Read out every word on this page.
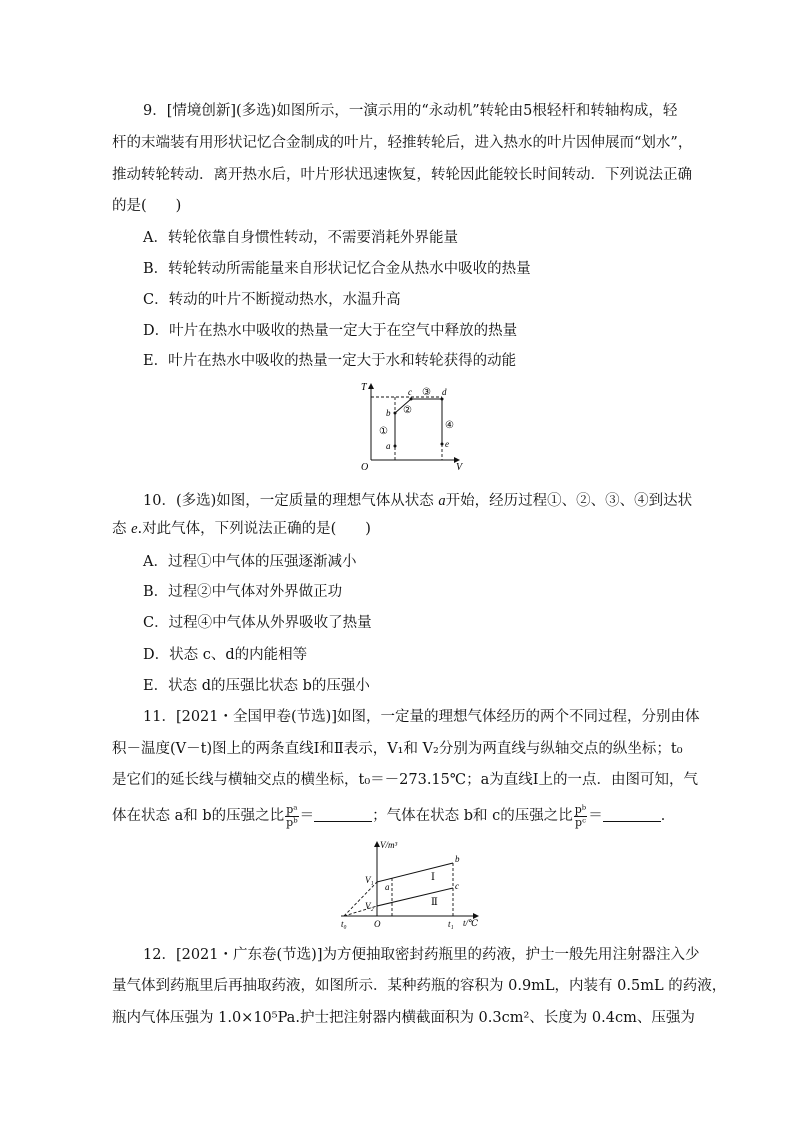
9．[情境创新](多选)如图所示，一演示用的“永动机”转轮由5根轻杆和转轴构成，轻
杆的末端装有用形状记忆合金制成的叶片，轻推转轮后，进入热水的叶片因伸展而“划水”，
推动转轮转动．离开热水后，叶片形状迅速恢复，转轮因此能较长时间转动．下列说法正确
的是(　　)
A．转轮依靠自身惯性转动，不需要消耗外界能量
B．转轮转动所需能量来自形状记忆合金从热水中吸收的热量
C．转动的叶片不断搅动热水，水温升高
D．叶片在热水中吸收的热量一定大于在空气中释放的热量
E．叶片在热水中吸收的热量一定大于水和转轮获得的动能
T
V
O
a
b
c	d
e
①
②
③
④
10．(多选)如图，一定质量的理想气体从状态 a开始，经历过程①、②、③、④到达状
态 e.对此气体，下列说法正确的是(　　)
A．过程①中气体的压强逐渐减小
B．过程②中气体对外界做正功
C．过程④中气体从外界吸收了热量
D．状态 c、d的内能相等
E．状态 d的压强比状态 b的压强小
11．[2021・全国甲卷(节选)]如图，一定量的理想气体经历的两个不同过程，分别由体
积－温度(V－t)图上的两条直线Ⅰ和Ⅱ表示，V₁和 V₂分别为两直线与纵轴交点的纵坐标；t₀
是它们的延长线与横轴交点的横坐标，t₀＝－273.15℃；a为直线Ⅰ上的一点．由图可知，气
体在状态 a和 b的压强之比 $\frac{\text{pᵃ}}{\text{pᵇ}}$ ＝	；气体在状态 b和 c的压强之比 $\frac{\text{pᵇ}}{\text{pᶜ}}$ ＝	．
V/m³
t/℃
O
V₁
V₂
t₀	t₁
Ⅰ
Ⅱ
a
b
c
12．[2021・广东卷(节选)]为方便抽取密封药瓶里的药液，护士一般先用注射器注入少
量气体到药瓶里后再抽取药液，如图所示．某种药瓶的容积为 0.9mL，内装有 0.5mL 的药液，
瓶内气体压强为 1.0×10⁵Pa.护士把注射器内横截面积为 0.3cm²、长度为 0.4cm、压强为
